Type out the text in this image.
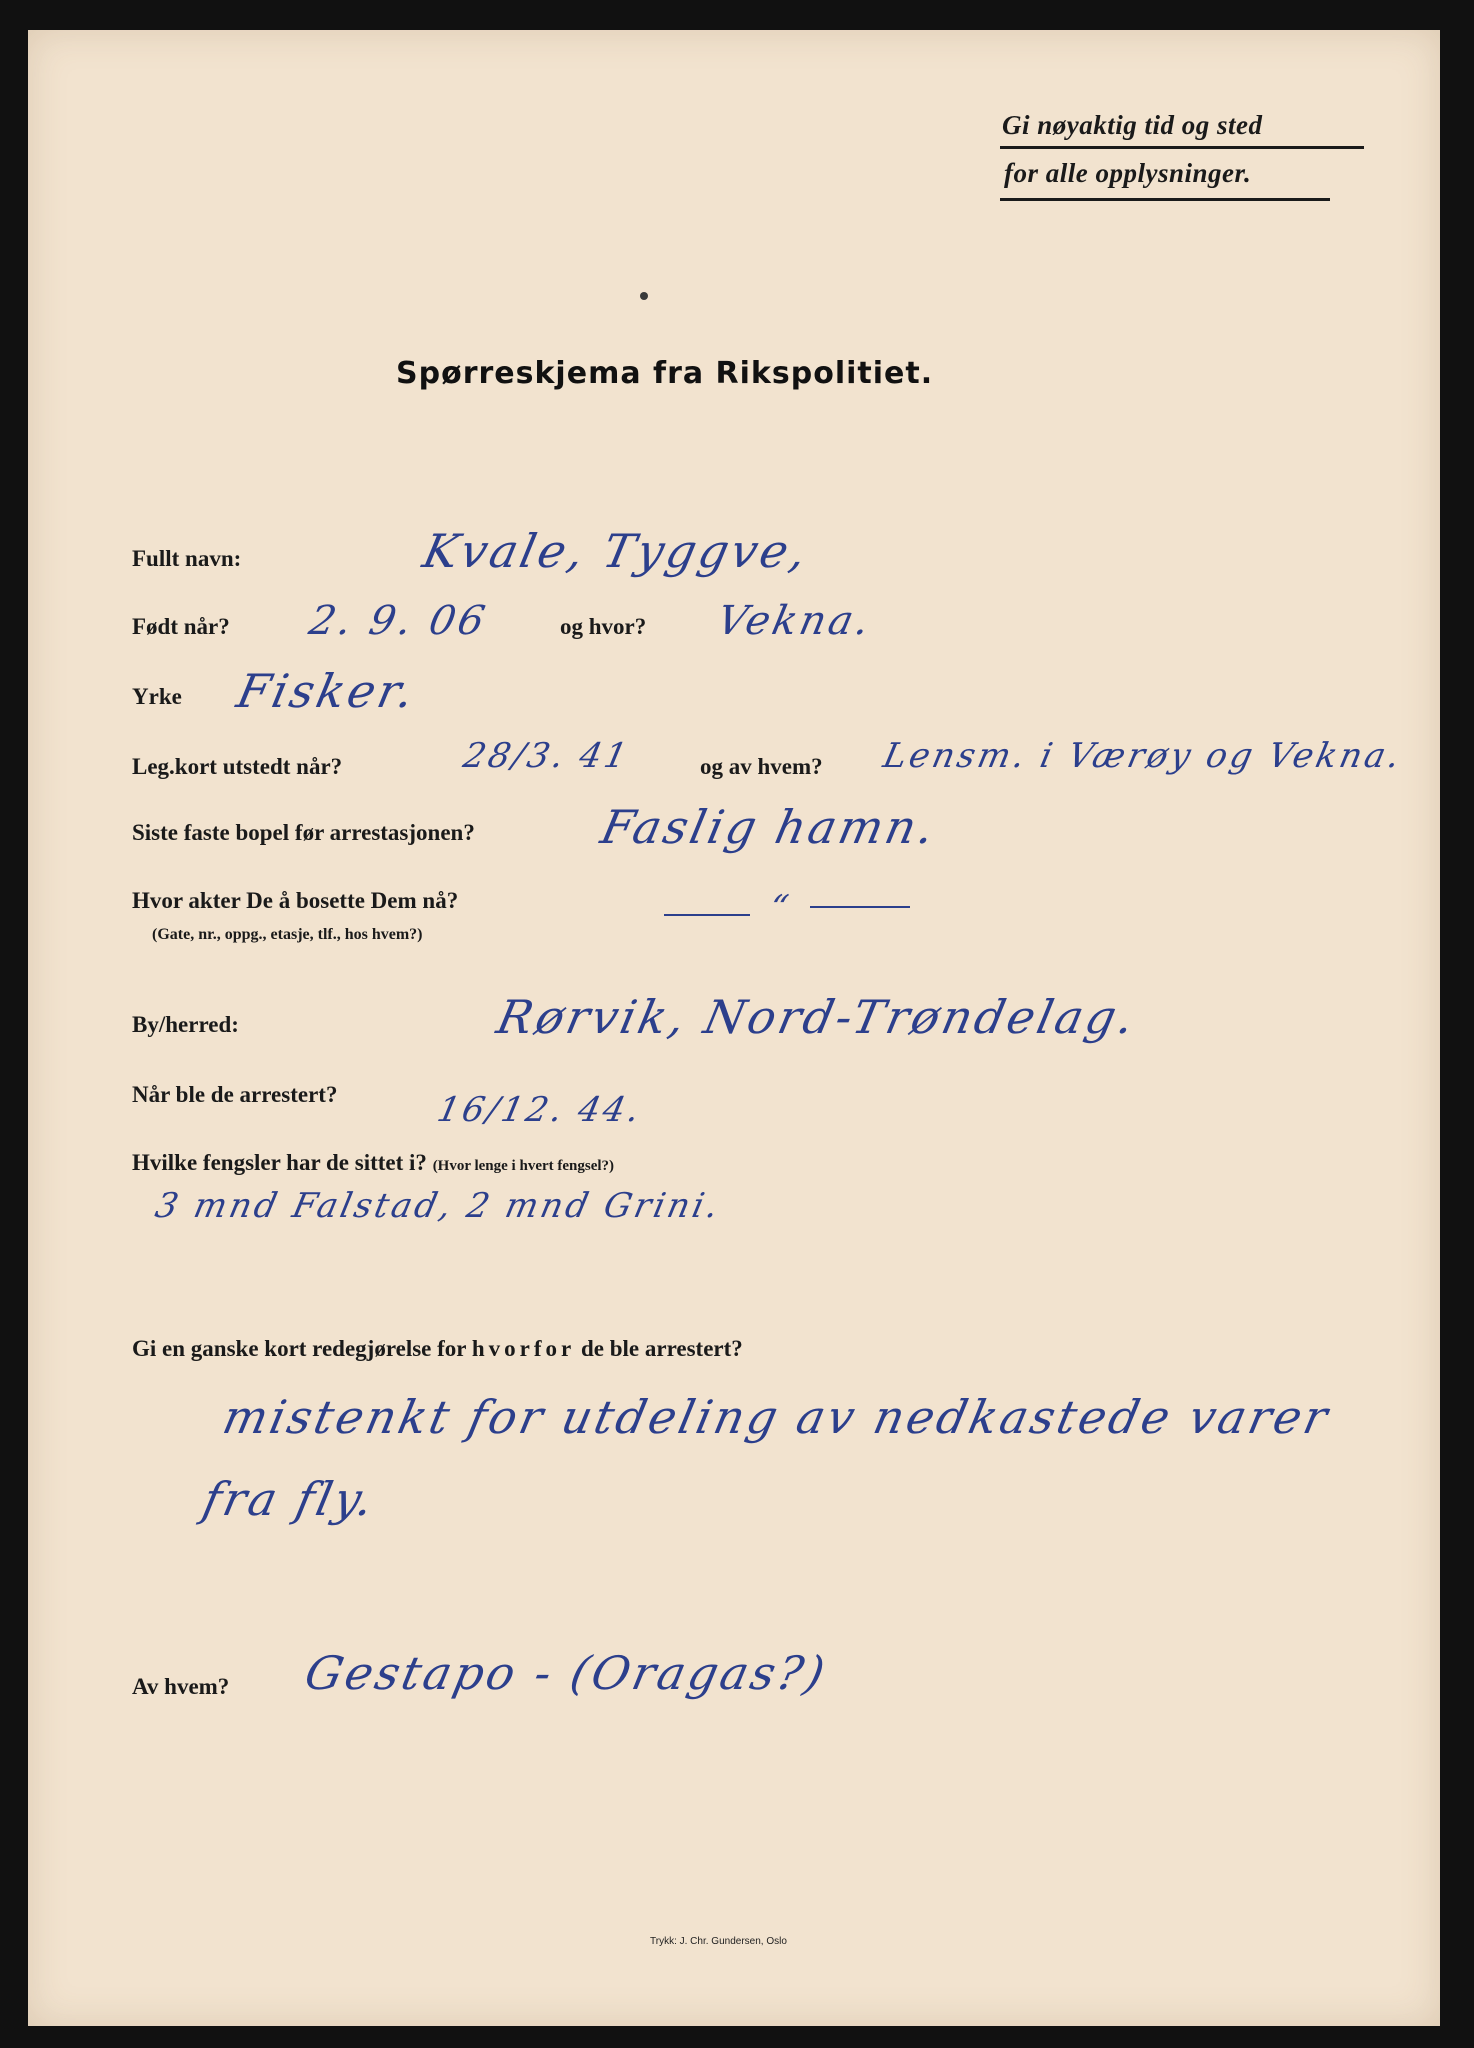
Gi nøyaktig tid og sted
for alle opplysninger.
Spørreskjema fra Rikspolitiet.
Fullt navn:	Kvale, Tyggve,
Født når? 2. 9. 06	og hvor? Vekna.
Yrke Fisker.
Leg.kort utstedt når?	28/3. 41	og av hvem? Lensm. i Værøy og Vekna.
Siste faste bopel før arrestasjonen?	Faslig hamn.
Hvor akter De å bosette Dem nå?
(Gate, nr., oppg., etasje, tlf., hos hvem?)
“
By/herred:	Rørvik, Nord-Trøndelag.
Når ble de arrestert?	16/12. 44.
Hvilke fengsler har de sittet i? (Hvor lenge i hvert fengsel?)
3 mnd Falstad, 2 mnd Grini.
Gi en ganske kort redegjørelse for hvorfor de ble arrestert?
mistenkt for utdeling av nedkastede varer
fra fly.
Av hvem? Gestapo - (Oragas?)
Trykk: J. Chr. Gundersen, Oslo
